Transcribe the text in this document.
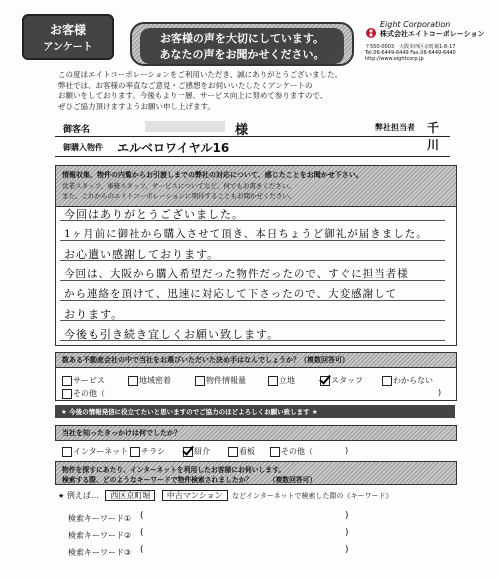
お客様
アンケート
お客様の声を大切にしています。
あなたの声をお聞かせください。
Eight Corporation
株式会社エイトコーポレーション
〒550-0003　大阪市西区京町堀1-8-17
Tel.06-6449-6449 Fax.06-6449-6440
http://www.eightcorp.jp
この度はエイトコーポレーションをご利用いただき、誠にありがとうございました。
弊社では、お客様の率直なご意見・ご感想をお伺いいたしたくアンケートの
お願いをしております。今後もより一層、サービス向上に努めて参りますので、
ぜひご協力頂けますようお願い申し上げます。
御客名	様	弊社担当者 千川
御購入物件 エルベロワイヤル16
情報収集、物件の内覧からお引渡しまでの弊社の対応について、感じたことをお聞かせ下さい。
営業スタッフ、事務スタッフ、サービスについてなど、何でもお書きください。
また、これからのエイトコーポレーションに期待することもお聞かせください。
今回はありがとうございました。
1ヶ月前に御社から購入させて頂き、本日ちょうど御礼が届きました。
お心遣い感謝しております。
今回は、大阪から購入希望だった物件だったので、すぐに担当者様
から連絡を頂けて、迅速に対応して下さったので、大変感謝して
おります。
今後も引き続き宜しくお願い致します。
数ある不動産会社の中で当社をお選びいただいた決め手はなんでしょうか？（複数回答可）
サービス	地域密着	物件情報量	立地	スタッフ	わからない
その他（	)
★ 今後の情報発信に役立てたいと思いますのでご協力のほどよろしくお願い致します ★
当社を知ったきっかけは何でしたか？
インターネット	チラシ	紹介	看板	その他（	)
物件を探すにあたり、インターネットを利用したお客様にお伺いします。
検索する際、どのようなキーワードで物件検索されましたか？ （複数回答可）
★ 例えば… 西区京町堀 中古マンション などインターネットで検索した際の《キーワード》
検索キーワード① (	)
検索キーワード② (	)
検索キーワード③ (	)
